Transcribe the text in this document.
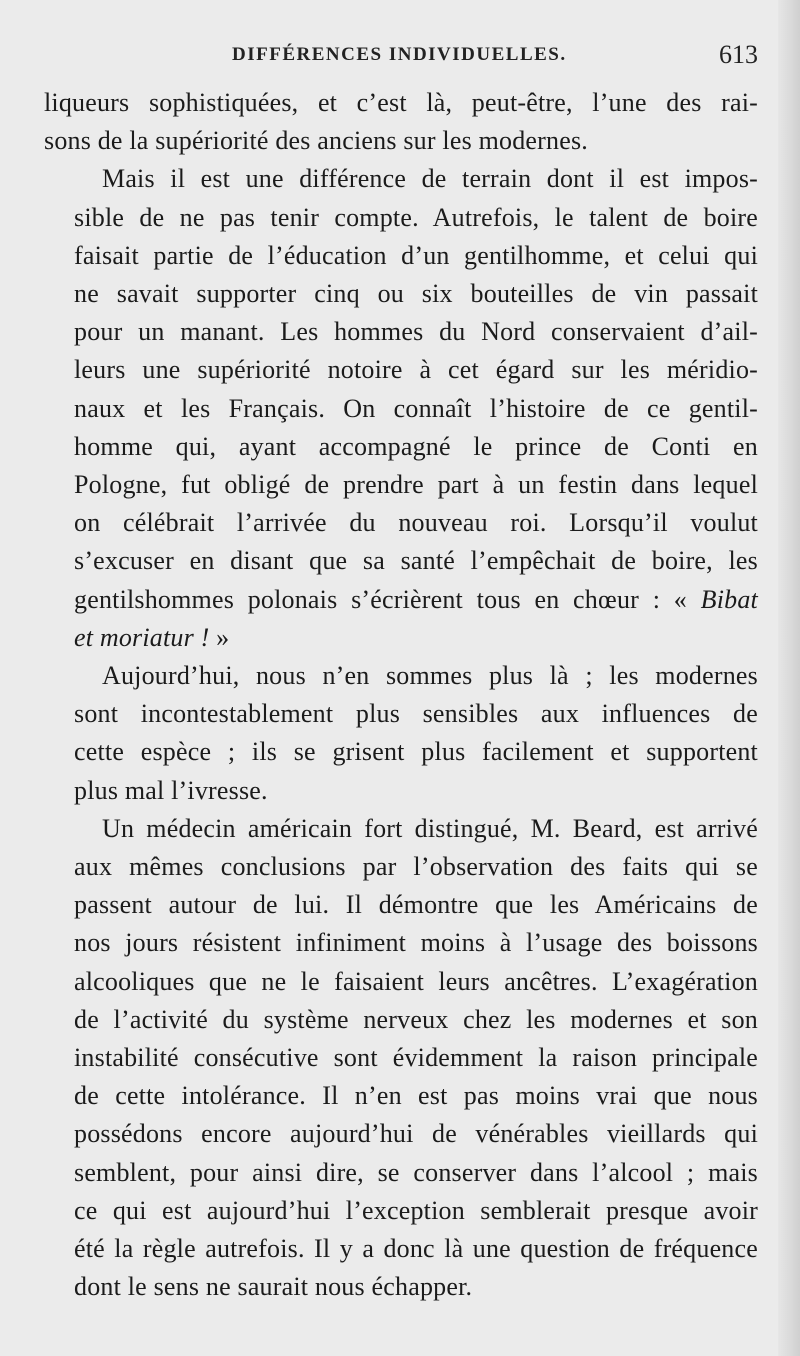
DIFFÉRENCES INDIVIDUELLES.	613
liqueurs sophistiquées, et c’est là, peut-être, l’une des rai-
sons de la supériorité des anciens sur les modernes.
Mais il est une différence de terrain dont il est impos-
sible de ne pas tenir compte. Autrefois, le talent de boire
faisait partie de l’éducation d’un gentilhomme, et celui qui
ne savait supporter cinq ou six bouteilles de vin passait
pour un manant. Les hommes du Nord conservaient d’ail-
leurs une supériorité notoire à cet égard sur les méridio-
naux et les Français. On connaît l’histoire de ce gentil-
homme qui, ayant accompagné le prince de Conti en
Pologne, fut obligé de prendre part à un festin dans lequel
on célébrait l’arrivée du nouveau roi. Lorsqu’il voulut
s’excuser en disant que sa santé l’empêchait de boire, les
gentilshommes polonais s’écrièrent tous en chœur : « Bibat
et moriatur ! »
Aujourd’hui, nous n’en sommes plus là ; les modernes
sont incontestablement plus sensibles aux influences de
cette espèce ; ils se grisent plus facilement et supportent
plus mal l’ivresse.
Un médecin américain fort distingué, M. Beard, est arrivé
aux mêmes conclusions par l’observation des faits qui se
passent autour de lui. Il démontre que les Américains de
nos jours résistent infiniment moins à l’usage des boissons
alcooliques que ne le faisaient leurs ancêtres. L’exagération
de l’activité du système nerveux chez les modernes et son
instabilité consécutive sont évidemment la raison principale
de cette intolérance. Il n’en est pas moins vrai que nous
possédons encore aujourd’hui de vénérables vieillards qui
semblent, pour ainsi dire, se conserver dans l’alcool ; mais
ce qui est aujourd’hui l’exception semblerait presque avoir
été la règle autrefois. Il y a donc là une question de fréquence
dont le sens ne saurait nous échapper.
